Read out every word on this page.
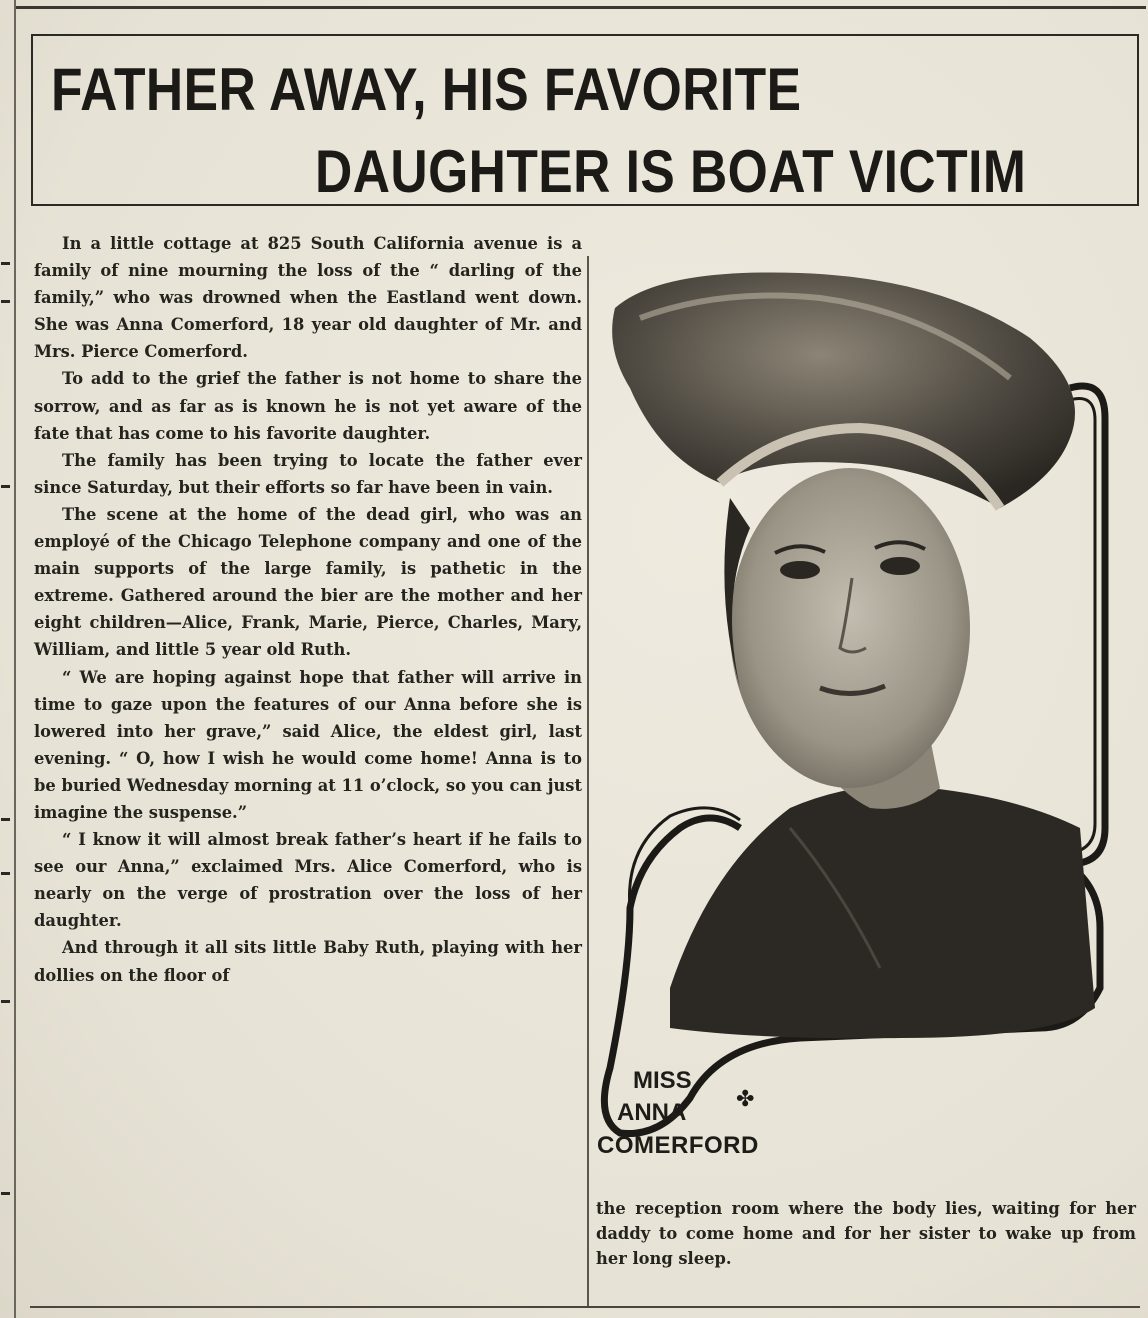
FATHER AWAY, HIS FAVORITE
DAUGHTER IS BOAT VICTIM

In a little cottage at 825 South California avenue is a family of nine mourning the loss of the “ darling of the family,” who was drowned when the Eastland went down. She was Anna Comerford, 18 year old daughter of Mr. and Mrs. Pierce Comerford.

To add to the grief the father is not home to share the sorrow, and as far as is known he is not yet aware of the fate that has come to his favorite daughter.

The family has been trying to locate the father ever since Saturday, but their efforts so far have been in vain.

The scene at the home of the dead girl, who was an employé of the Chicago Telephone company and one of the main supports of the large family, is pathetic in the extreme. Gathered around the bier are the mother and her eight children—Alice, Frank, Marie, Pierce, Charles, Mary, William, and little 5 year old Ruth.

“ We are hoping against hope that father will arrive in time to gaze upon the features of our Anna before she is lowered into her grave,” said Alice, the eldest girl, last evening. “ O, how I wish he would come home! Anna is to be buried Wednesday morning at 11 o’clock, so you can just imagine the suspense.”

“ I know it will almost break father’s heart if he fails to see our Anna,” exclaimed Mrs. Alice Comerford, who is nearly on the verge of prostration over the loss of her daughter.

And through it all sits little Baby Ruth, playing with her dollies on the floor of

MISS
✤
ANNA
COMERFORD
the reception room where the body lies, waiting for her daddy to come home and for her sister to wake up from her long sleep.
